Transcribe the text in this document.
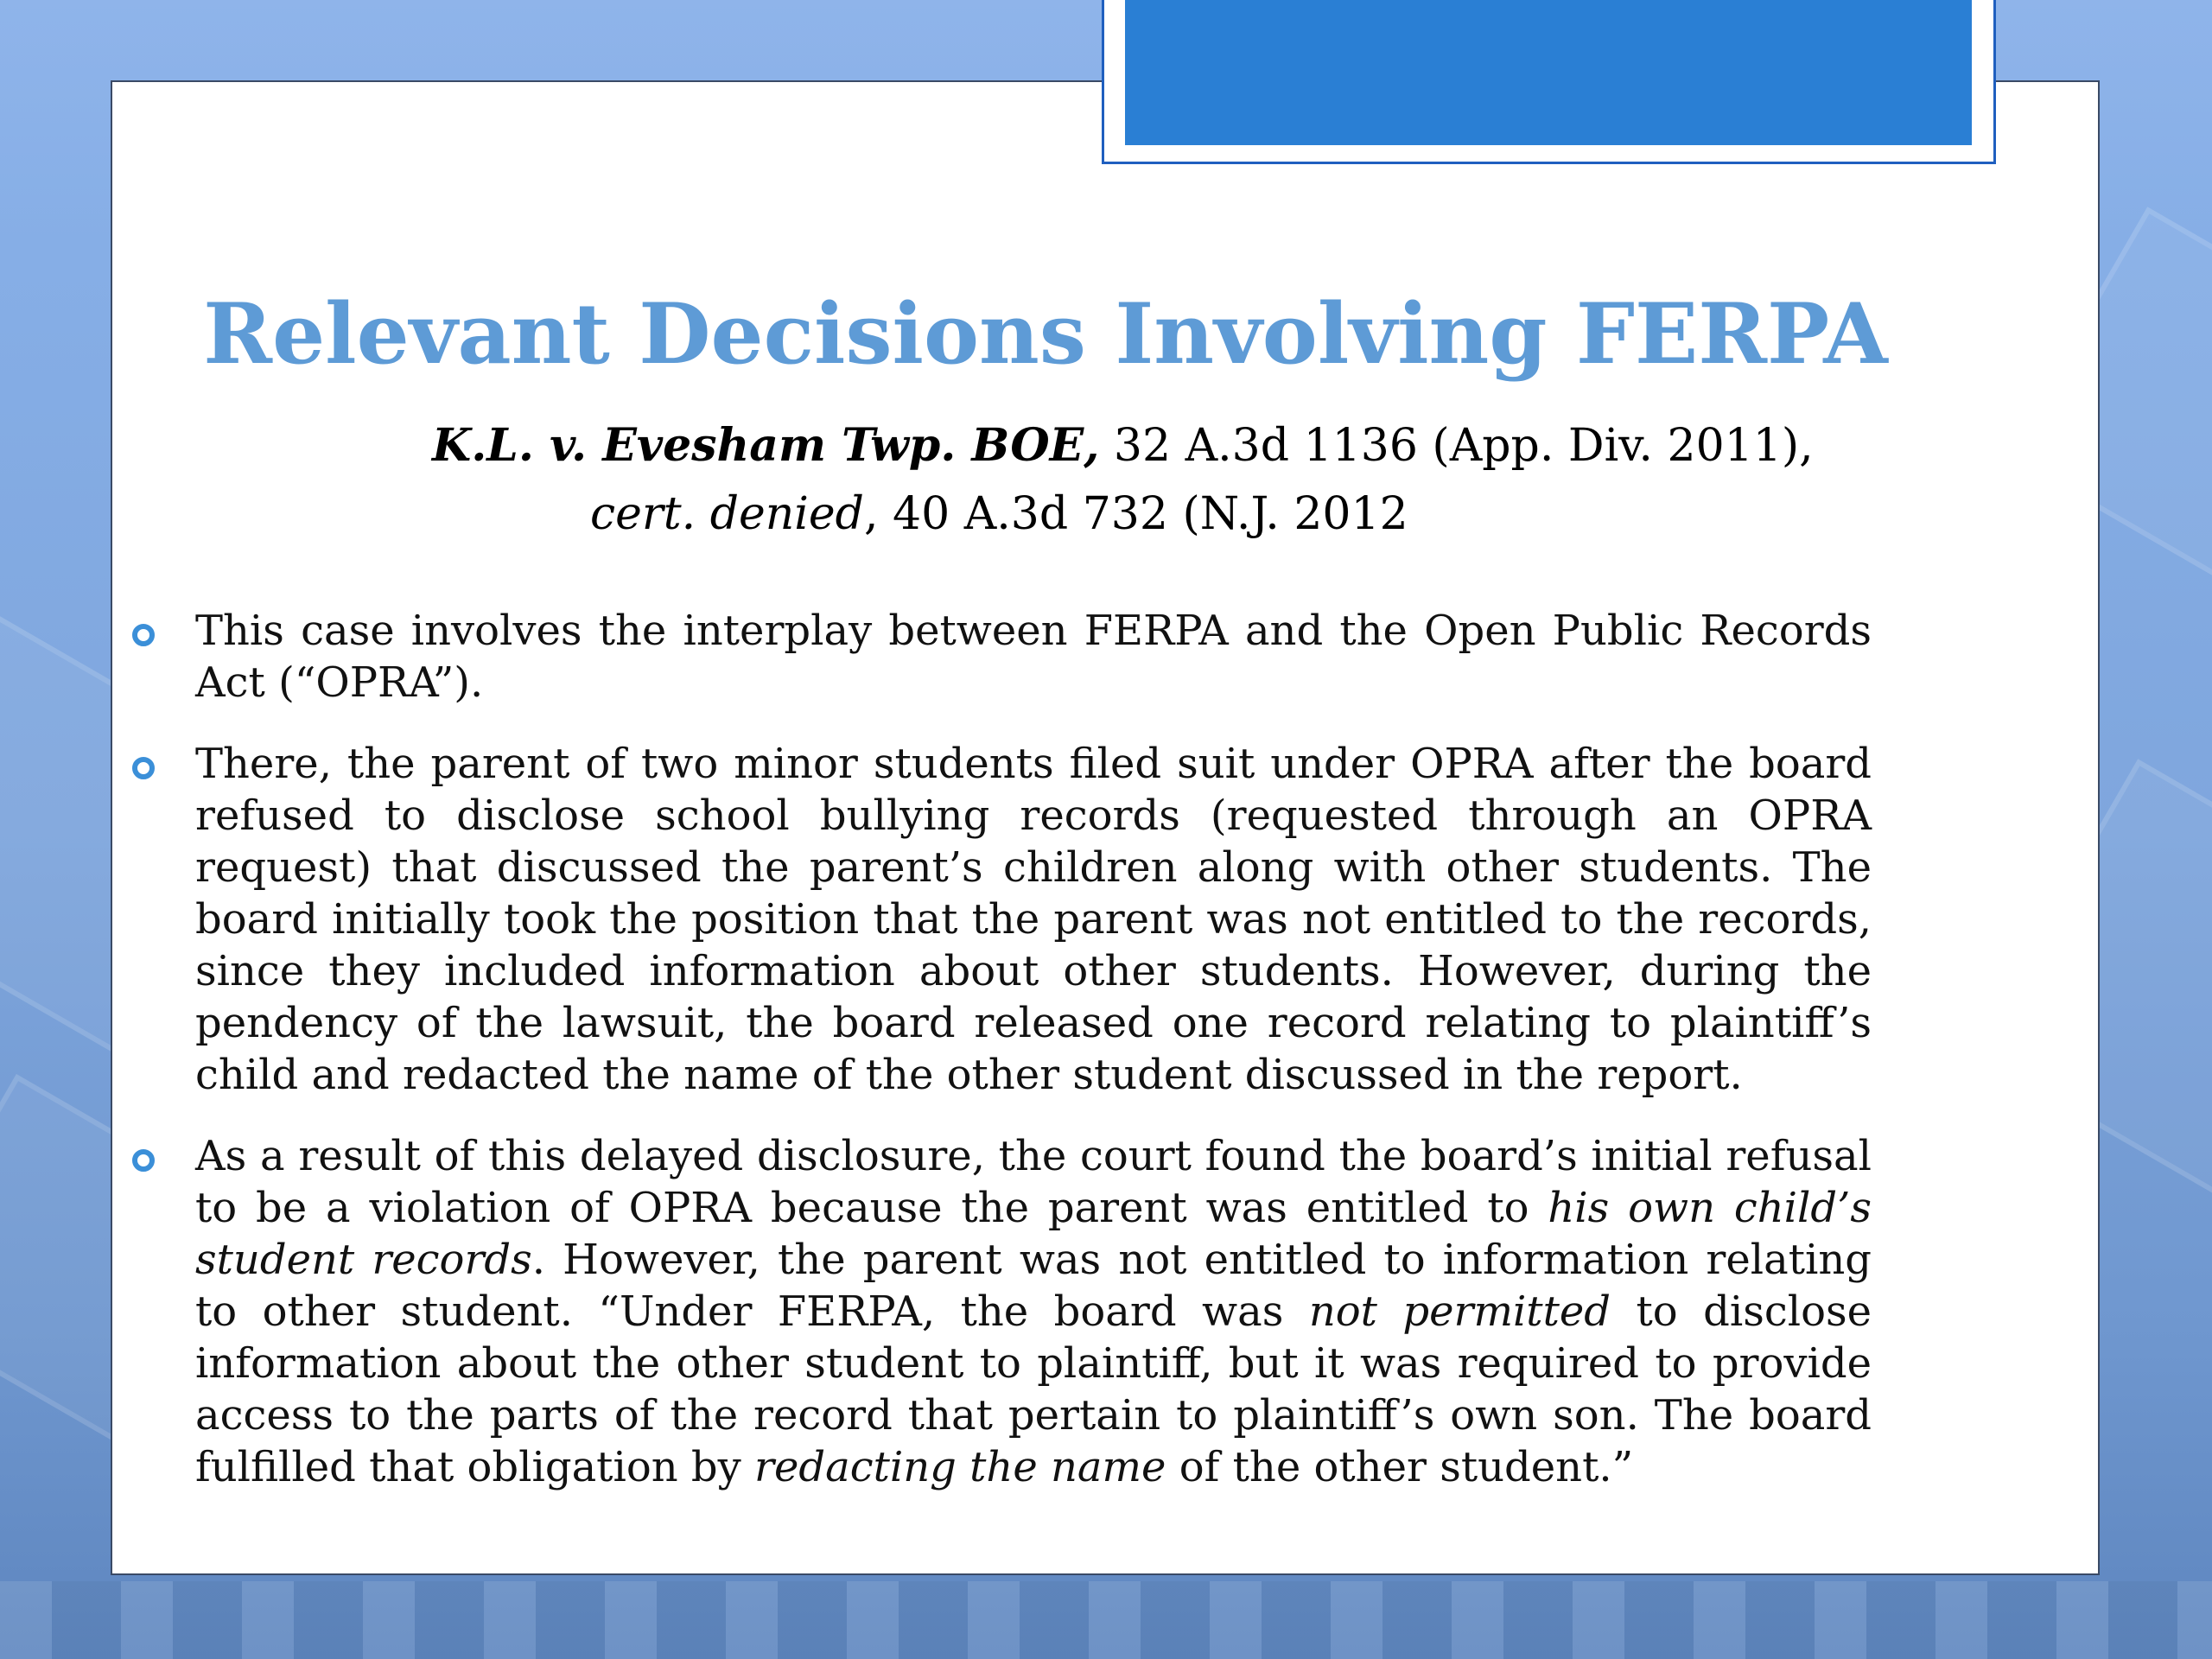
Relevant Decisions Involving FERPA
K.L. v. Evesham Twp. BOE, 32 A.3d 1136 (App. Div. 2011),
cert. denied, 40 A.3d 732 (N.J. 2012
This case involves the interplay between FERPA and the Open Public Records Act (“OPRA”).
There, the parent of two minor students filed suit under OPRA after the board refused to disclose school bullying records (requested through an OPRA request) that discussed the parent’s children along with other students. The board initially took the position that the parent was not entitled to the records, since they included information about other students. However, during the pendency of the lawsuit, the board released one record relating to plaintiff’s child and redacted the name of the other student discussed in the report.
As a result of this delayed disclosure, the court found the board’s initial refusal to be a violation of OPRA because the parent was entitled to his own child’s student records. However, the parent was not entitled to information relating to other student. “Under FERPA, the board was not permitted to disclose information about the other student to plaintiff, but it was required to provide access to the parts of the record that pertain to plaintiff’s own son. The board fulfilled that obligation by redacting the name of the other student.”
